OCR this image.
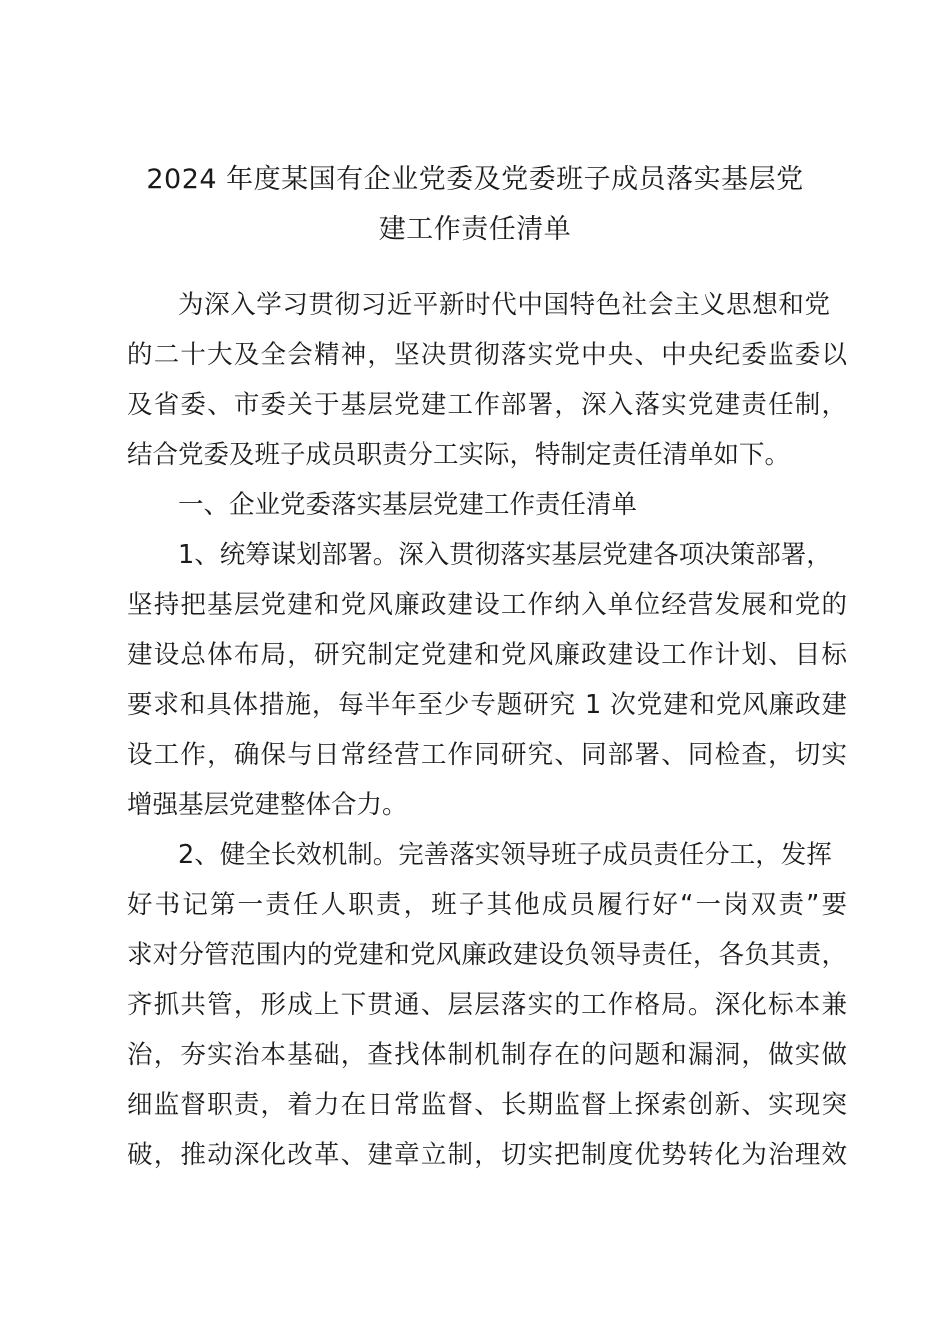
2024 年度某国有企业党委及党委班子成员落实基层党
建工作责任清单
为深入学习贯彻习近平新时代中国特色社会主义思想和党
的二十大及全会精神，坚决贯彻落实党中央、中央纪委监委以
及省委、市委关于基层党建工作部署，深入落实党建责任制，
结合党委及班子成员职责分工实际，特制定责任清单如下。
一、企业党委落实基层党建工作责任清单
1、统筹谋划部署。深入贯彻落实基层党建各项决策部署，
坚持把基层党建和党风廉政建设工作纳入单位经营发展和党的
建设总体布局，研究制定党建和党风廉政建设工作计划、目标
要求和具体措施，每半年至少专题研究 1 次党建和党风廉政建
设工作，确保与日常经营工作同研究、同部署、同检查，切实
增强基层党建整体合力。
2、健全长效机制。完善落实领导班子成员责任分工，发挥
好书记第一责任人职责，班子其他成员履行好“一岗双责”要
求对分管范围内的党建和党风廉政建设负领导责任，各负其责，
齐抓共管，形成上下贯通、层层落实的工作格局。深化标本兼
治，夯实治本基础，查找体制机制存在的问题和漏洞，做实做
细监督职责，着力在日常监督、长期监督上探索创新、实现突
破，推动深化改革、建章立制，切实把制度优势转化为治理效
